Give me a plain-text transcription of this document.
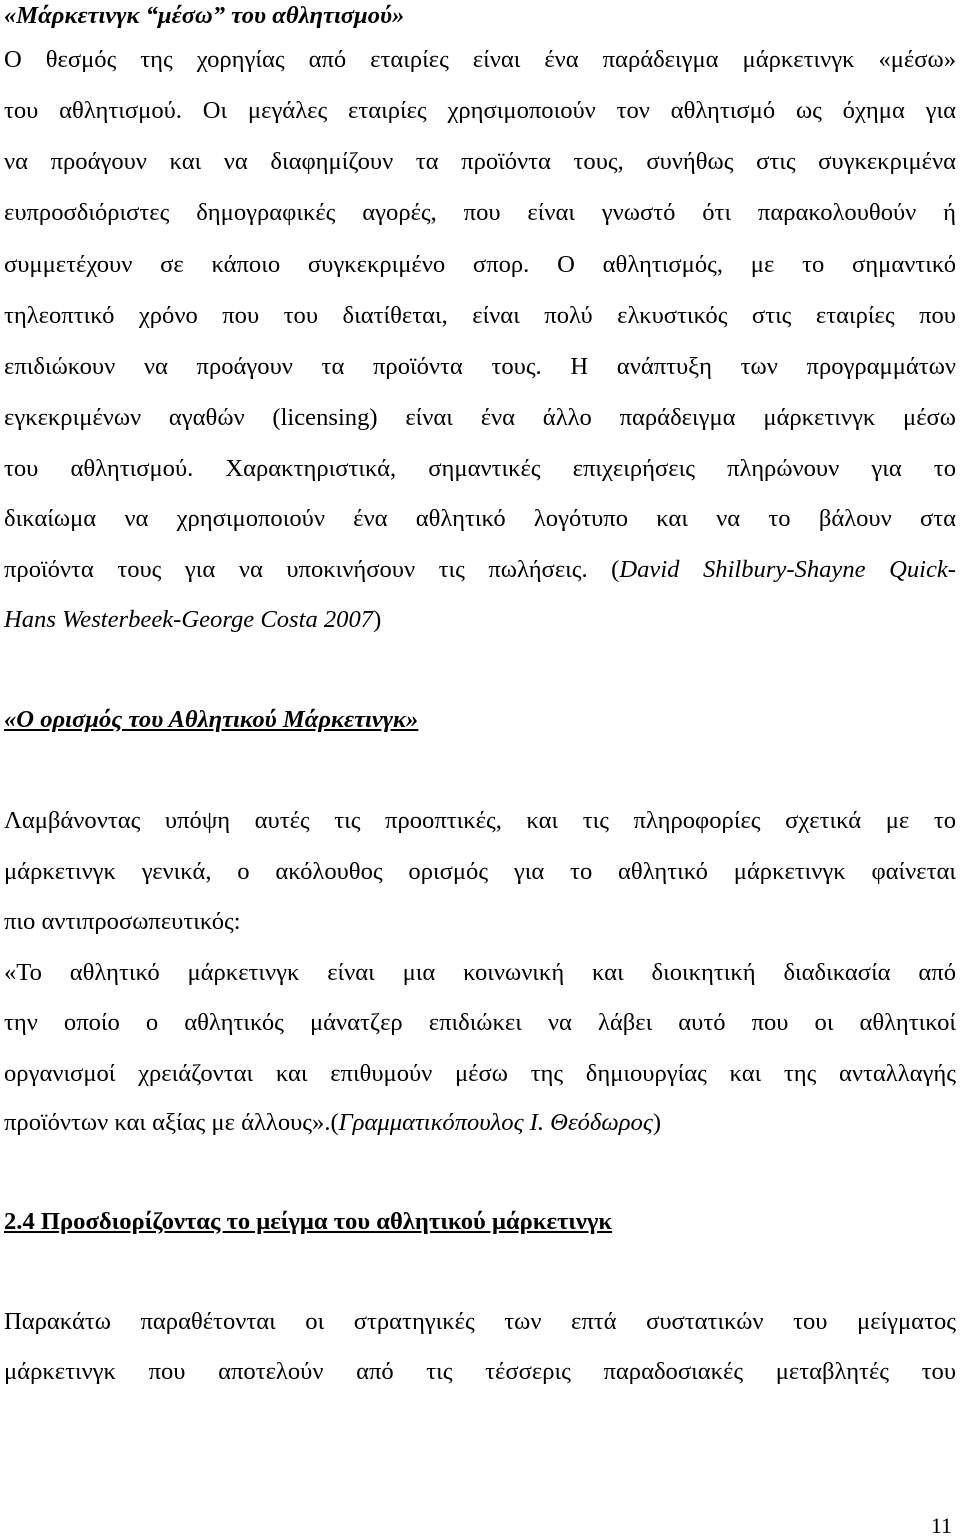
«Μάρκετινγκ “μέσω” του αθλητισμού»
Ο θεσμός της χορηγίας από εταιρίες είναι ένα παράδειγμα μάρκετινγκ «μέσω»
του αθλητισμού. Οι μεγάλες εταιρίες χρησιμοποιούν τον αθλητισμό ως όχημα για
να προάγουν και να διαφημίζουν τα προϊόντα τους, συνήθως στις συγκεκριμένα
ευπροσδιόριστες δημογραφικές αγορές, που είναι γνωστό ότι παρακολουθούν ή
συμμετέχουν σε κάποιο συγκεκριμένο σπορ. Ο αθλητισμός, με το σημαντικό
τηλεοπτικό χρόνο που του διατίθεται, είναι πολύ ελκυστικός στις εταιρίες που
επιδιώκουν να προάγουν τα προϊόντα τους. Η ανάπτυξη των προγραμμάτων
εγκεκριμένων αγαθών (licensing) είναι ένα άλλο παράδειγμα μάρκετινγκ μέσω
του αθλητισμού. Χαρακτηριστικά, σημαντικές επιχειρήσεις πληρώνουν για το
δικαίωμα να χρησιμοποιούν ένα αθλητικό λογότυπο και να το βάλουν στα
προϊόντα τους για να υποκινήσουν τις πωλήσεις. (David Shilbury-Shayne Quick-
Hans Westerbeek-George Costa 2007)
«Ο ορισμός του Αθλητικού Μάρκετινγκ»
Λαμβάνοντας υπόψη αυτές τις προοπτικές, και τις πληροφορίες σχετικά με το
μάρκετινγκ γενικά, ο ακόλουθος ορισμός για το αθλητικό μάρκετινγκ φαίνεται
πιο αντιπροσωπευτικός:
«Το αθλητικό μάρκετινγκ είναι μια κοινωνική και διοικητική διαδικασία από
την οποίο ο αθλητικός μάνατζερ επιδιώκει να λάβει αυτό που οι αθλητικοί
οργανισμοί χρειάζονται και επιθυμούν μέσω της δημιουργίας και της ανταλλαγής
προϊόντων και αξίας με άλλους».(Γραμματικόπουλος Ι. Θεόδωρος)
2.4 Προσδιορίζοντας το μείγμα του αθλητικού μάρκετινγκ
Παρακάτω παραθέτονται οι στρατηγικές των επτά συστατικών του μείγματος
μάρκετινγκ που αποτελούν από τις τέσσερις παραδοσιακές μεταβλητές του
11
